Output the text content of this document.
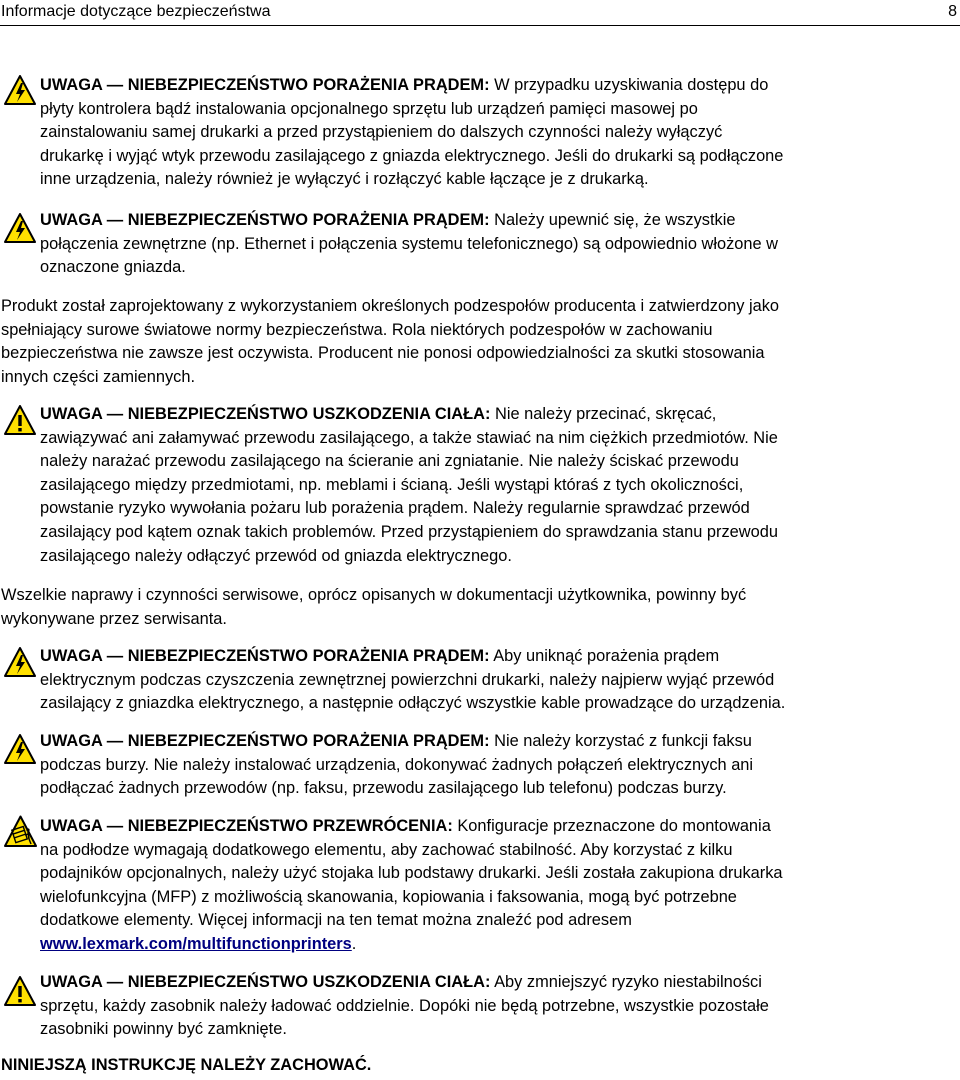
Informacje dotyczące bezpieczeństwa	8
UWAGA — NIEBEZPIECZEŃSTWO PORAŻENIA PRĄDEM: W przypadku uzyskiwania dostępu do
płyty kontrolera bądź instalowania opcjonalnego sprzętu lub urządzeń pamięci masowej po
zainstalowaniu samej drukarki a przed przystąpieniem do dalszych czynności należy wyłączyć
drukarkę i wyjąć wtyk przewodu zasilającego z gniazda elektrycznego. Jeśli do drukarki są podłączone
inne urządzenia, należy również je wyłączyć i rozłączyć kable łączące je z drukarką.
UWAGA — NIEBEZPIECZEŃSTWO PORAŻENIA PRĄDEM: Należy upewnić się, że wszystkie
połączenia zewnętrzne (np. Ethernet i połączenia systemu telefonicznego) są odpowiednio włożone w
oznaczone gniazda.
Produkt został zaprojektowany z wykorzystaniem określonych podzespołów producenta i zatwierdzony jako
spełniający surowe światowe normy bezpieczeństwa. Rola niektórych podzespołów w zachowaniu
bezpieczeństwa nie zawsze jest oczywista. Producent nie ponosi odpowiedzialności za skutki stosowania
innych części zamiennych.
UWAGA — NIEBEZPIECZEŃSTWO USZKODZENIA CIAŁA: Nie należy przecinać, skręcać,
zawiązywać ani załamywać przewodu zasilającego, a także stawiać na nim ciężkich przedmiotów. Nie
należy narażać przewodu zasilającego na ścieranie ani zgniatanie. Nie należy ściskać przewodu
zasilającego między przedmiotami, np. meblami i ścianą. Jeśli wystąpi któraś z tych okoliczności,
powstanie ryzyko wywołania pożaru lub porażenia prądem. Należy regularnie sprawdzać przewód
zasilający pod kątem oznak takich problemów. Przed przystąpieniem do sprawdzania stanu przewodu
zasilającego należy odłączyć przewód od gniazda elektrycznego.
Wszelkie naprawy i czynności serwisowe, oprócz opisanych w dokumentacji użytkownika, powinny być
wykonywane przez serwisanta.
UWAGA — NIEBEZPIECZEŃSTWO PORAŻENIA PRĄDEM: Aby uniknąć porażenia prądem
elektrycznym podczas czyszczenia zewnętrznej powierzchni drukarki, należy najpierw wyjąć przewód
zasilający z gniazdka elektrycznego, a następnie odłączyć wszystkie kable prowadzące do urządzenia.
UWAGA — NIEBEZPIECZEŃSTWO PORAŻENIA PRĄDEM: Nie należy korzystać z funkcji faksu
podczas burzy. Nie należy instalować urządzenia, dokonywać żadnych połączeń elektrycznych ani
podłączać żadnych przewodów (np. faksu, przewodu zasilającego lub telefonu) podczas burzy.
UWAGA — NIEBEZPIECZEŃSTWO PRZEWRÓCENIA: Konfiguracje przeznaczone do montowania
na podłodze wymagają dodatkowego elementu, aby zachować stabilność. Aby korzystać z kilku
podajników opcjonalnych, należy użyć stojaka lub podstawy drukarki. Jeśli została zakupiona drukarka
wielofunkcyjna (MFP) z możliwością skanowania, kopiowania i faksowania, mogą być potrzebne
dodatkowe elementy. Więcej informacji na ten temat można znaleźć pod adresem
www.lexmark.com/multifunctionprinters.
UWAGA — NIEBEZPIECZEŃSTWO USZKODZENIA CIAŁA: Aby zmniejszyć ryzyko niestabilności
sprzętu, każdy zasobnik należy ładować oddzielnie. Dopóki nie będą potrzebne, wszystkie pozostałe
zasobniki powinny być zamknięte.
NINIEJSZĄ INSTRUKCJĘ NALEŻY ZACHOWAĆ.
